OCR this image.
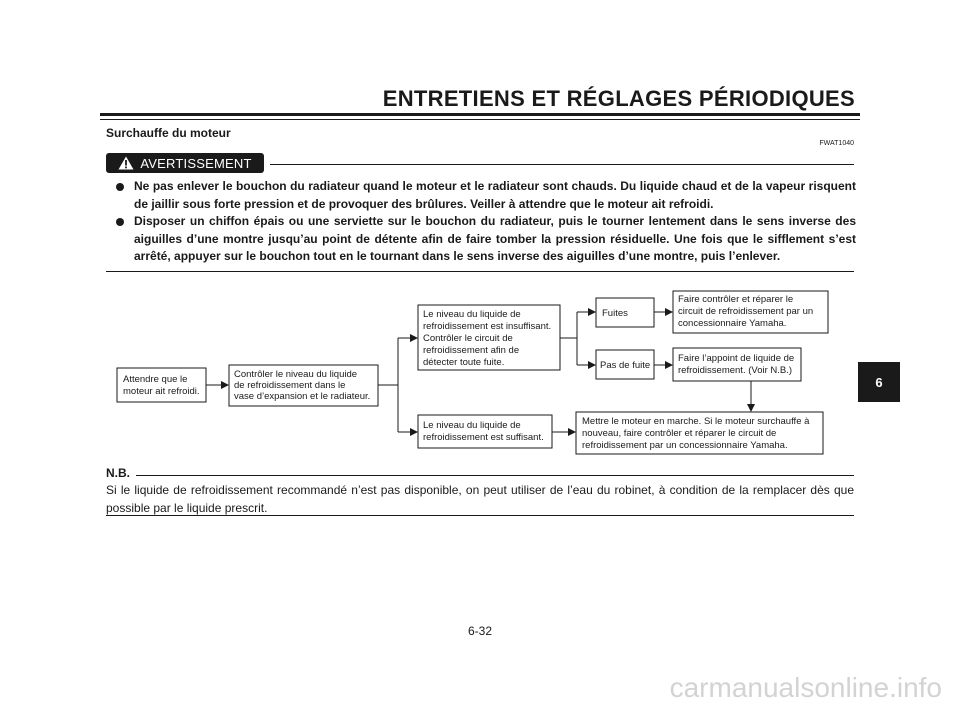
ENTRETIENS ET RÉGLAGES PÉRIODIQUES
Surchauffe du moteur
FWAT1040
AVERTISSEMENT
Ne pas enlever le bouchon du radiateur quand le moteur et le radiateur sont chauds. Du liquide chaud et de la vapeur risquent de jaillir sous forte pression et de provoquer des brûlures. Veiller à attendre que le moteur ait refroidi.
Disposer un chiffon épais ou une serviette sur le bouchon du radiateur, puis le tourner lentement dans le sens inverse des aiguilles d’une montre jusqu’au point de détente afin de faire tomber la pression résiduelle. Une fois que le sifflement s’est arrêté, appuyer sur le bouchon tout en le tournant dans le sens inverse des aiguilles d’une montre, puis l’enlever.
Attendre que le moteur ait refroidi.
Contrôler le niveau du liquide de refroidissement dans le vase d’expansion et le radiateur.
Le niveau du liquide de refroidissement est insuffisant. Contrôler le circuit de refroidissement afin de détecter toute fuite.
Le niveau du liquide de refroidissement est suffisant.
Fuites
Pas de fuite
Faire contrôler et réparer le circuit de refroidissement par un concessionnaire Yamaha.
Faire l’appoint de liquide de refroidissement. (Voir N.B.)
Mettre le moteur en marche. Si le moteur surchauffe à nouveau, faire contrôler et réparer le circuit de refroidissement par un concessionnaire Yamaha.
N.B.

Si le liquide de refroidissement recommandé n’est pas disponible, on peut utiliser de l’eau du robinet, à condition de la remplacer dès que possible par le liquide prescrit.

6
6-32
carmanualsonline.info
